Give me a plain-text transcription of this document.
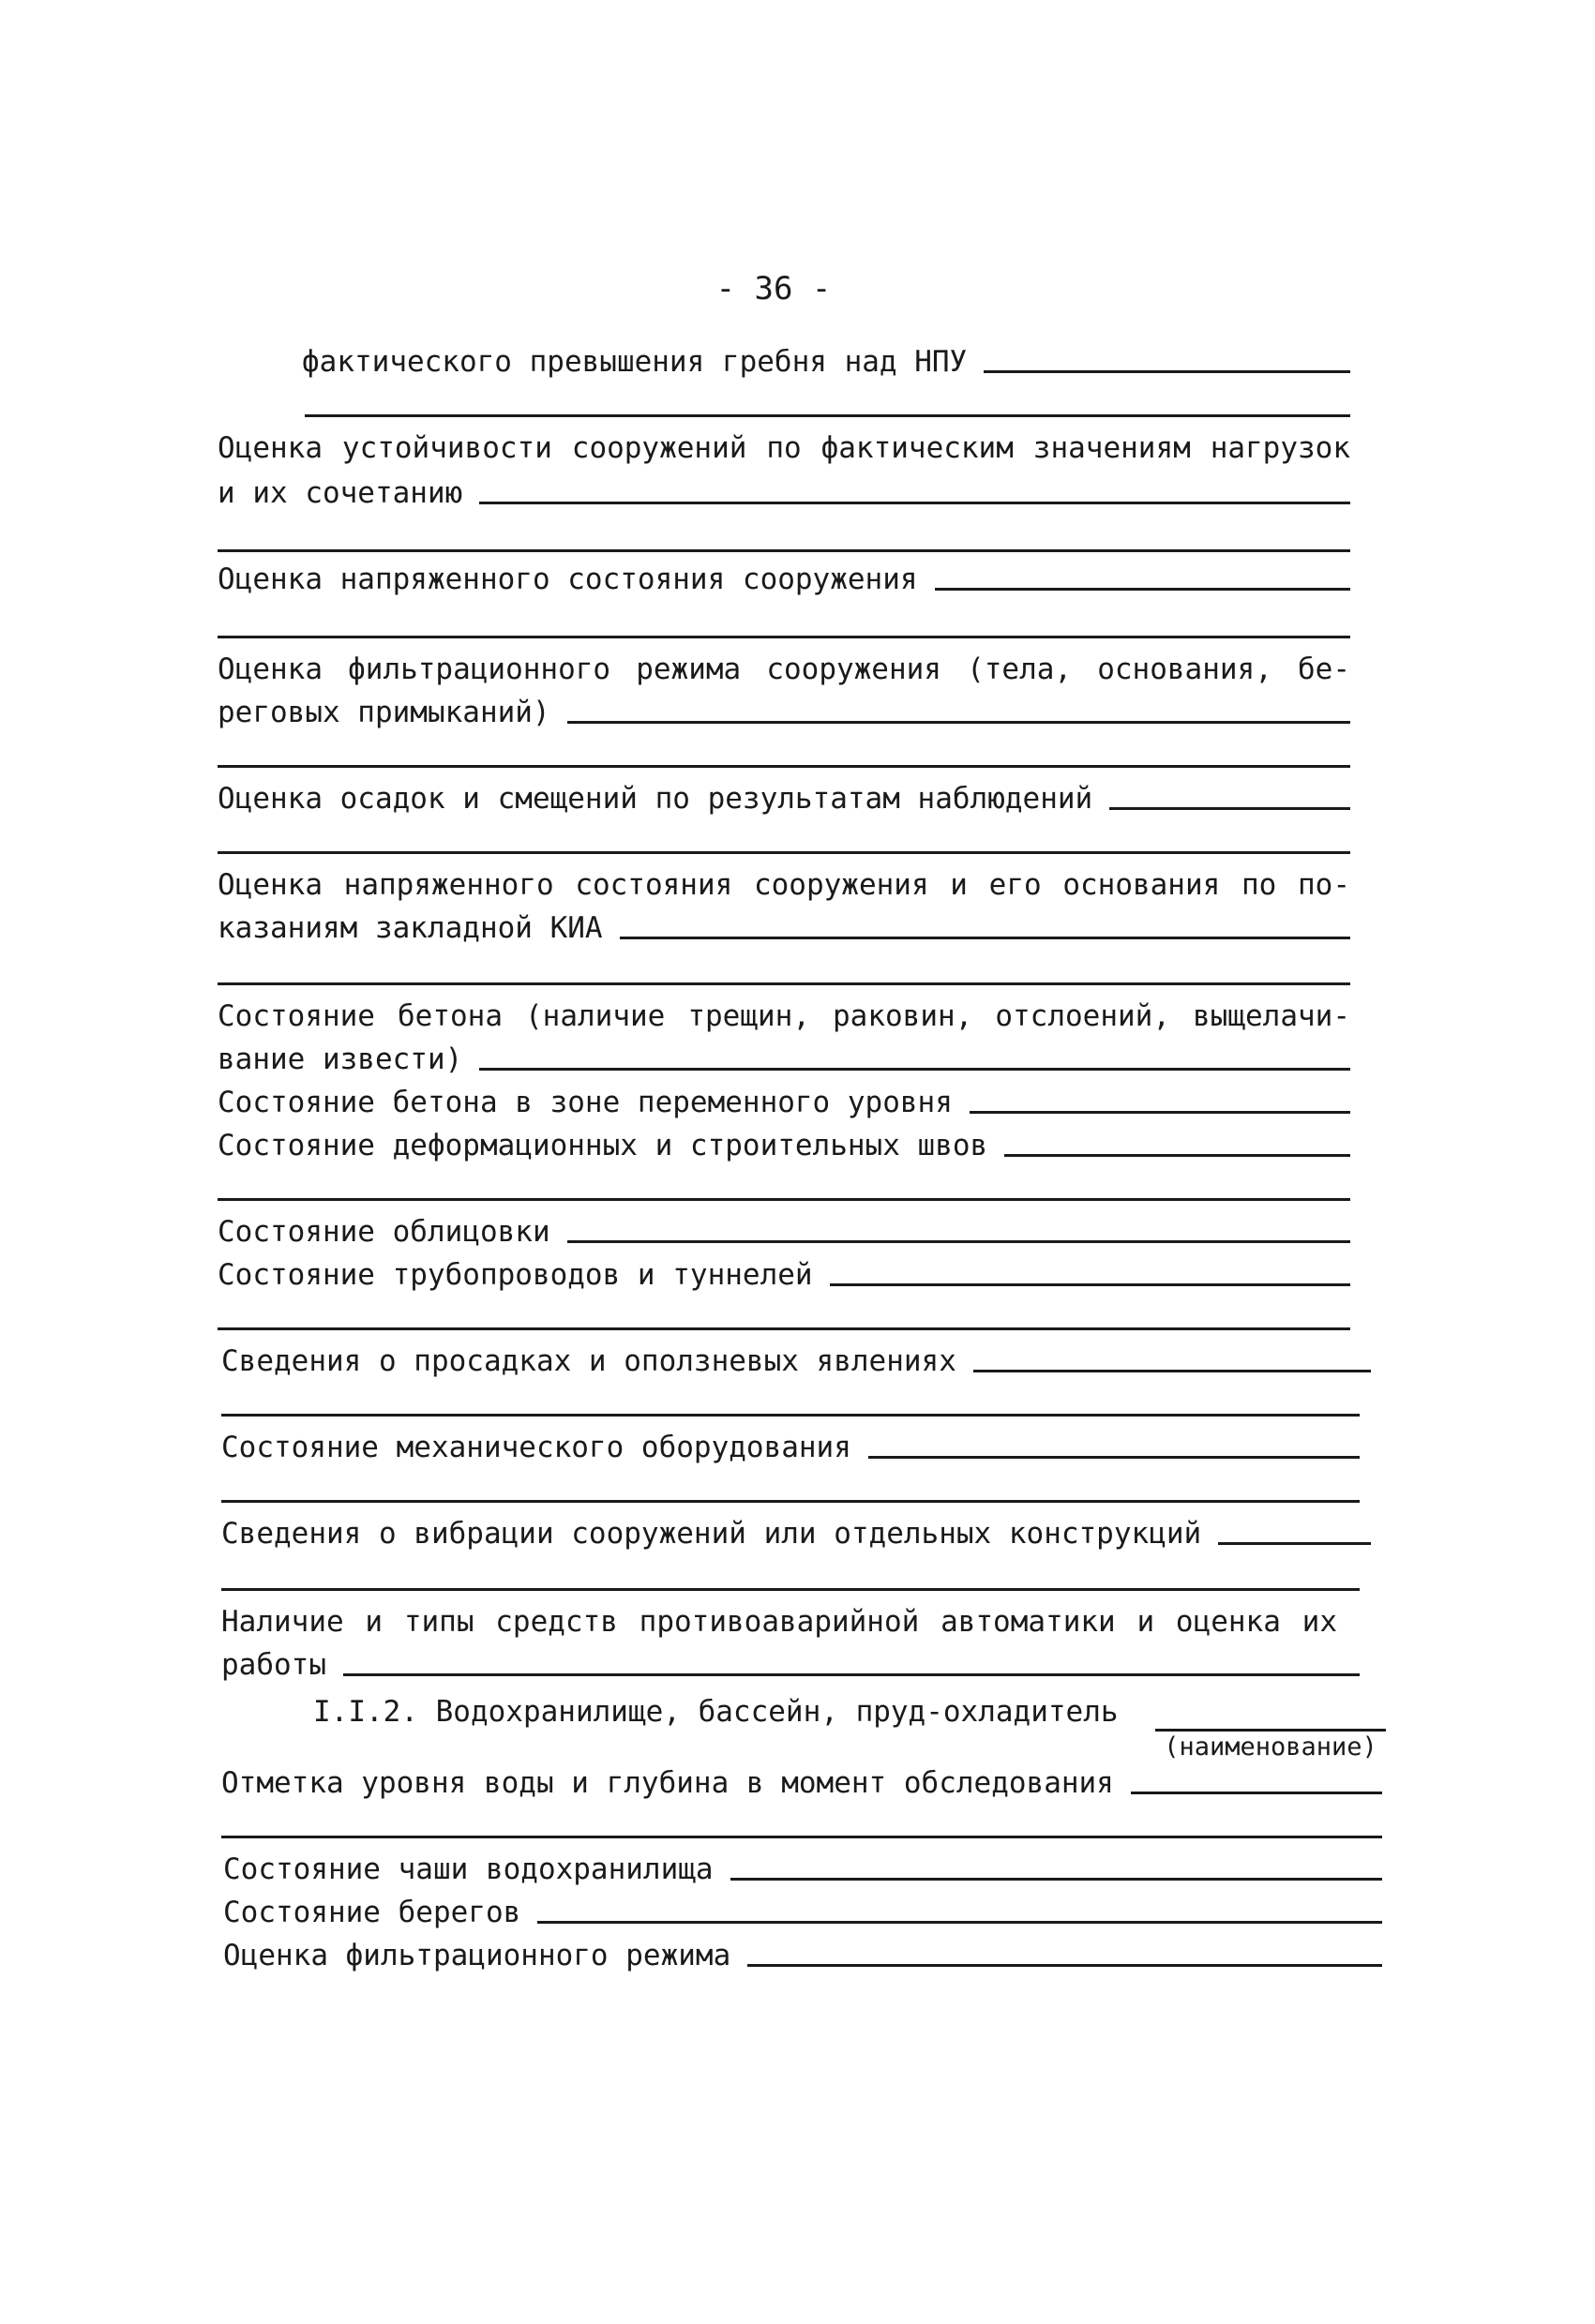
- 36 -
фактического превышения гребня над НПУ
Оценка устойчивости сооружений по фактическим значениям нагрузок
и их сочетанию
Оценка напряженного состояния сооружения
Оценка фильтрационного режима сооружения (тела, основания, бе-
реговых примыканий)
Оценка осадок и смещений по результатам наблюдений
Оценка напряженного состояния сооружения и его основания по по-
казаниям закладной КИА
Состояние бетона (наличие трещин, раковин, отслоений, выщелачи-
вание извести)
Состояние бетона в зоне переменного уровня
Состояние деформационных и строительных швов
Состояние облицовки
Состояние трубопроводов и туннелей
Сведения о просадках и оползневых явлениях
Состояние механического оборудования
Сведения о вибрации сооружений или отдельных конструкций
Наличие и типы средств противоаварийной автоматики и оценка их
работы
I.I.2. Водохранилище, бассейн, пруд-охладитель
(наименование)
Отметка уровня воды и глубина в момент обследования
Состояние чаши водохранилища
Состояние берегов
Оценка фильтрационного режима
